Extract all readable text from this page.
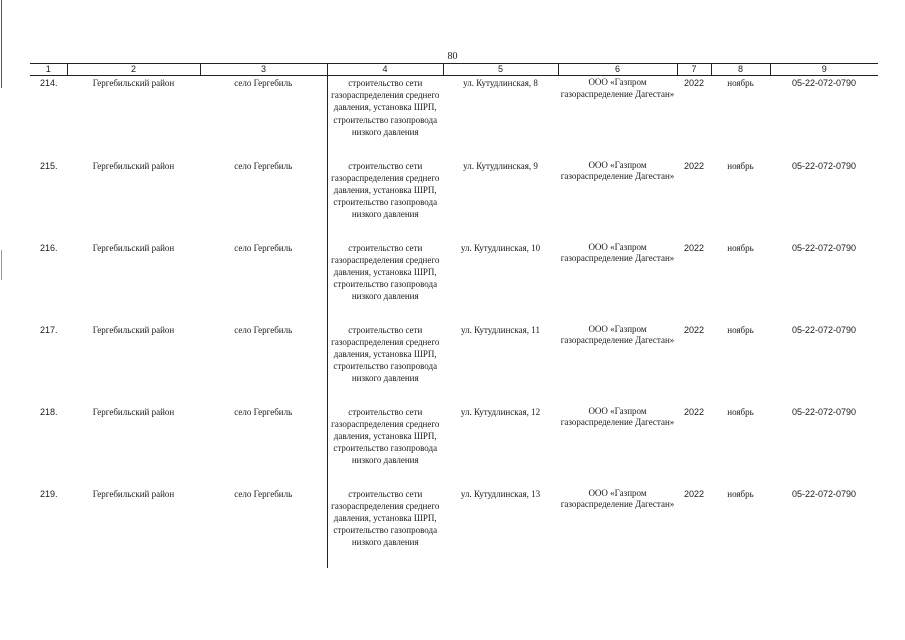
80
1	2	3	4	5	6	7	8	9
214.	Гергебильский район	село Гергебиль	строительство сети газораспределения среднего давления, установка ШРП, строительство газопровода низкого давления	ул. Кутудлинская, 8	ООО «Газпром газораспределение Дагестан»	2022	ноябрь	05-22-072-0790
215.	Гергебильский район	село Гергебиль	строительство сети газораспределения среднего давления, установка ШРП, строительство газопровода низкого давления	ул. Кутудлинская, 9	ООО «Газпром газораспределение Дагестан»	2022	ноябрь	05-22-072-0790
216.	Гергебильский район	село Гергебиль	строительство сети газораспределения среднего давления, установка ШРП, строительство газопровода низкого давления	ул. Кутудлинская, 10	ООО «Газпром газораспределение Дагестан»	2022	ноябрь	05-22-072-0790
217.	Гергебильский район	село Гергебиль	строительство сети газораспределения среднего давления, установка ШРП, строительство газопровода низкого давления	ул. Кутудлинская, 11	ООО «Газпром газораспределение Дагестан»	2022	ноябрь	05-22-072-0790
218.	Гергебильский район	село Гергебиль	строительство сети газораспределения среднего давления, установка ШРП, строительство газопровода низкого давления	ул. Кутудлинская, 12	ООО «Газпром газораспределение Дагестан»	2022	ноябрь	05-22-072-0790
219.	Гергебильский район	село Гергебиль	строительство сети газораспределения среднего давления, установка ШРП, строительство газопровода низкого давления	ул. Кутудлинская, 13	ООО «Газпром газораспределение Дагестан»	2022	ноябрь	05-22-072-0790
